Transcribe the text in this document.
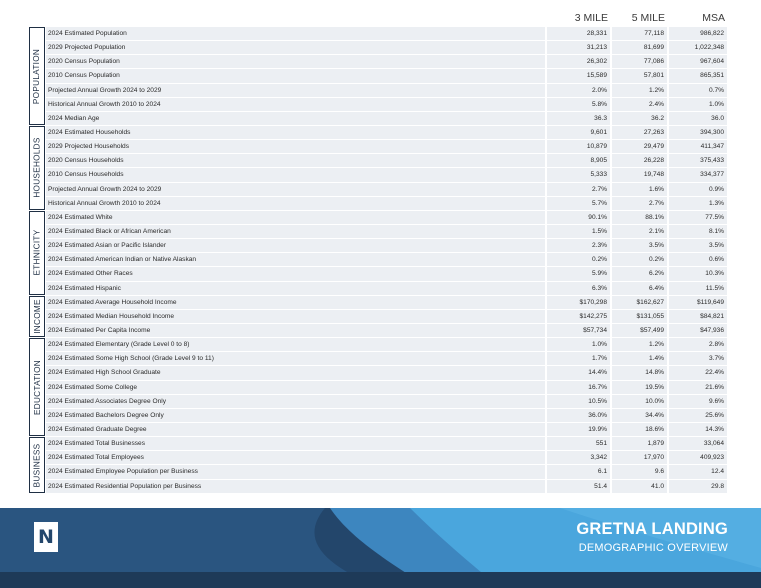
3 MILE	5 MILE	MSA
POPULATION
HOUSEHOLDS
ETHNICITY
INCOME
EDUCTATION
BUSINESS
2024 Estimated Population	28,331	77,118	986,822
2029 Projected Population	31,213	81,699	1,022,348
2020 Census Population	26,302	77,086	967,604
2010 Census Population	15,589	57,801	865,351
Projected Annual Growth 2024 to 2029	2.0%	1.2%	0.7%
Historical Annual Growth 2010 to 2024	5.8%	2.4%	1.0%
2024 Median Age	36.3	36.2	36.0
2024 Estimated Households	9,601	27,263	394,300
2029 Projected Households	10,879	29,479	411,347
2020 Census Households	8,905	26,228	375,433
2010 Census Households	5,333	19,748	334,377
Projected Annual Growth 2024 to 2029	2.7%	1.6%	0.9%
Historical Annual Growth 2010 to 2024	5.7%	2.7%	1.3%
2024 Estimated White	90.1%	88.1%	77.5%
2024 Estimated Black or African American	1.5%	2.1%	8.1%
2024 Estimated Asian or Pacific Islander	2.3%	3.5%	3.5%
2024 Estimated American Indian or Native Alaskan	0.2%	0.2%	0.6%
2024 Estimated Other Races	5.9%	6.2%	10.3%
2024 Estimated Hispanic	6.3%	6.4%	11.5%
2024 Estimated Average Household Income	$170,298	$162,627	$119,649
2024 Estimated Median Household Income	$142,275	$131,055	$84,821
2024 Estimated Per Capita Income	$57,734	$57,499	$47,936
2024 Estimated Elementary (Grade Level 0 to 8)	1.0%	1.2%	2.8%
2024 Estimated Some High School (Grade Level 9 to 11)	1.7%	1.4%	3.7%
2024 Estimated High School Graduate	14.4%	14.8%	22.4%
2024 Estimated Some College	16.7%	19.5%	21.6%
2024 Estimated Associates Degree Only	10.5%	10.0%	9.6%
2024 Estimated Bachelors Degree Only	36.0%	34.4%	25.6%
2024 Estimated Graduate Degree	19.9%	18.6%	14.3%
2024 Estimated Total Businesses	551	1,879	33,064
2024 Estimated Total Employees	3,342	17,970	409,923
2024 Estimated Employee Population per Business	6.1	9.6	12.4
2024 Estimated Residential Population per Business	51.4	41.0	29.8
N	GRETNA LANDING
DEMOGRAPHIC OVERVIEW
